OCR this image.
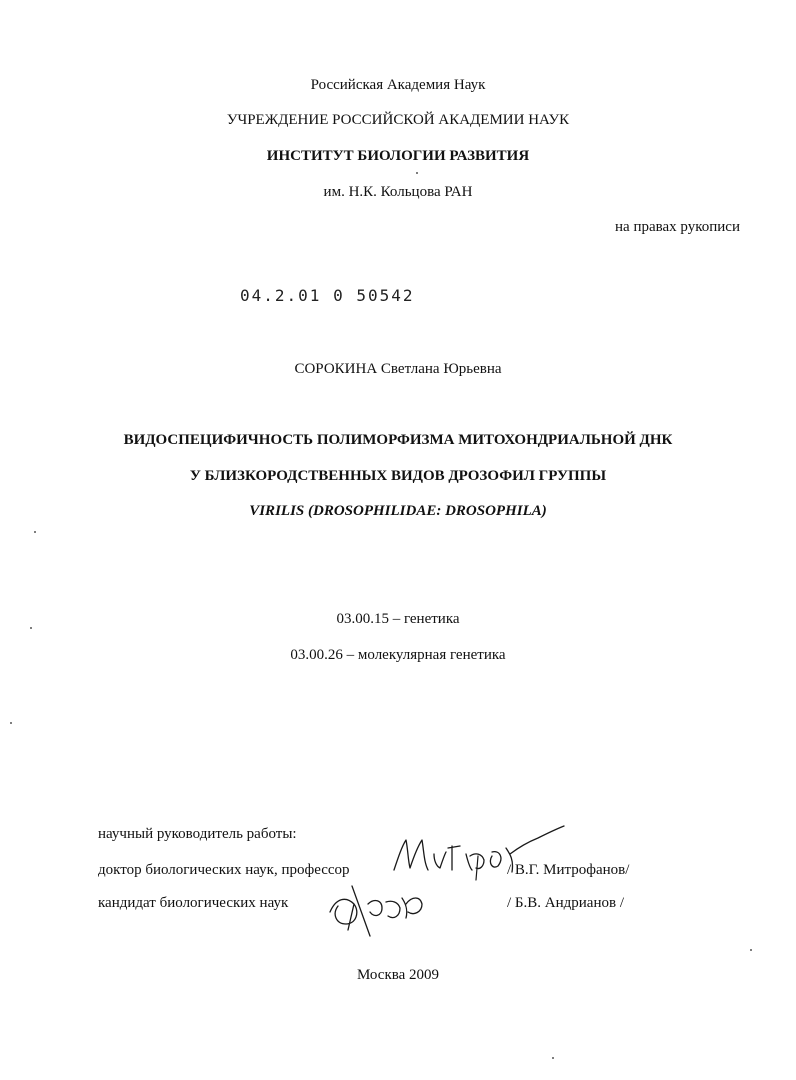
Российская Академия Наук
УЧРЕЖДЕНИЕ РОССИЙСКОЙ АКАДЕМИИ НАУК
ИНСТИТУТ БИОЛОГИИ РАЗВИТИЯ
им. Н.К. Кольцова РАН
на правах рукописи
04.2.01 0 50542
СОРОКИНА Светлана Юрьевна
ВИДОСПЕЦИФИЧНОСТЬ ПОЛИМОРФИЗМА МИТОХОНДРИАЛЬНОЙ ДНК
У БЛИЗКОРОДСТВЕННЫХ ВИДОВ ДРОЗОФИЛ ГРУППЫ
VIRILIS (DROSOPHILIDAE: DROSOPHILA)
03.00.15 – генетика
03.00.26 – молекулярная генетика
научный руководитель работы:
доктор биологических наук, профессор	/ В.Г. Митрофанов/
кандидат биологических наук	/ Б.В. Андрианов /
Москва 2009
